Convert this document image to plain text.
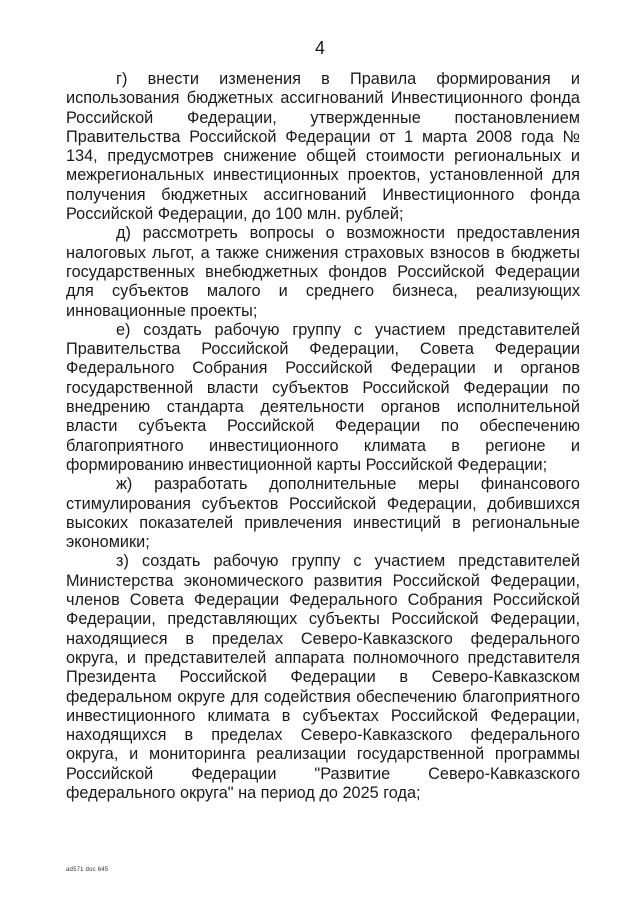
4

г) внести изменения в Правила формирования и использования бюджетных ассигнований Инвестиционного фонда Российской Федерации, утвержденные постановлением Правительства Российской Федерации от 1 марта 2008 года № 134, предусмотрев снижение общей стоимости региональных и межрегиональных инвестиционных проектов, установленной для получения бюджетных ассигнований Инвестиционного фонда Российской Федерации, до 100 млн. рублей;

д) рассмотреть вопросы о возможности предоставления налоговых льгот, а также снижения страховых взносов в бюджеты государственных внебюджетных фондов Российской Федерации для субъектов малого и среднего бизнеса, реализующих инновационные проекты;

е) создать рабочую группу с участием представителей Правительства Российской Федерации, Совета Федерации Федерального Собрания Российской Федерации и органов государственной власти субъектов Российской Федерации по внедрению стандарта деятельности органов исполнительной власти субъекта Российской Федерации по обеспечению благоприятного инвестиционного климата в регионе и формированию инвестиционной карты Российской Федерации;

ж) разработать дополнительные меры финансового стимулирования субъектов Российской Федерации, добившихся высоких показателей привлечения инвестиций в региональные экономики;

з) создать рабочую группу с участием представителей Министерства экономического развития Российской Федерации, членов Совета Федерации Федерального Собрания Российской Федерации, представляющих субъекты Российской Федерации, находящиеся в пределах Северо-Кавказского федерального округа, и представителей аппарата полномочного представителя Президента Российской Федерации в Северо-Кавказском федеральном округе для содействия обеспечению благоприятного инвестиционного климата в субъектах Российской Федерации, находящихся в пределах Северо-Кавказского федерального округа, и мониторинга реализации государственной программы Российской Федерации "Развитие Северо-Кавказского федерального округа" на период до 2025 года;

ad571 doc 645
